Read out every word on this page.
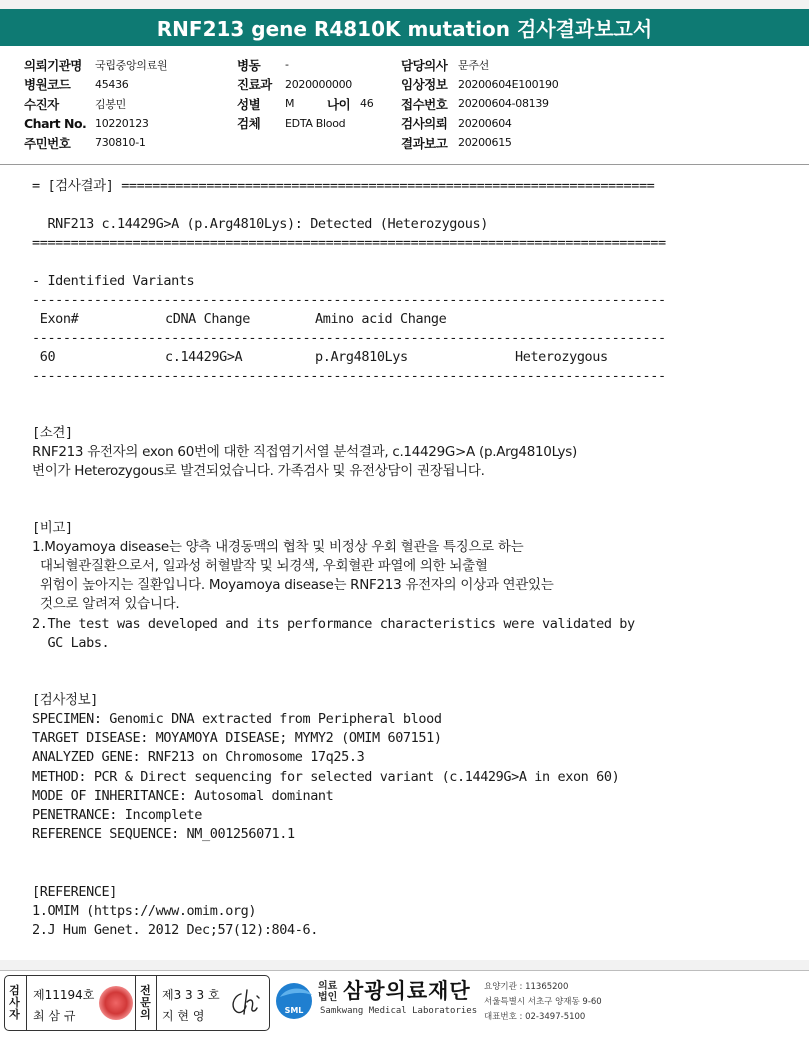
RNF213 gene R4810K mutation 검사결과보고서
의뢰기관명	국립중앙의료원
병원코드	45436
수진자	김봉민
Chart No. 10220123
주민번호	730810-1
병동	-
진료과	2020000000
성별	M	나이 46
검체	EDTA Blood
담당의사 문주선
임상정보 20200604E100190
접수번호 20200604-08139
검사의뢰 20200604
결과보고 20200615
= [검사결과] =====================================================================
RNF213 c.14429G>A (p.Arg4810Lys): Detected (Heterozygous)
==================================================================================
- Identified Variants
----------------------------------------------------------------------------------
Exon#	cDNA Change	Amino acid Change
----------------------------------------------------------------------------------
60	c.14429G>A	p.Arg4810Lys	Heterozygous
----------------------------------------------------------------------------------
[소견]
RNF213 유전자의 exon 60번에 대한 직접염기서열 분석결과, c.14429G>A (p.Arg4810Lys)
변이가 Heterozygous로 발견되었습니다. 가족검사 및 유전상담이 권장됩니다.
[비고]
1.Moyamoya disease는 양측 내경동맥의 협착 및 비정상 우회 혈관을 특징으로 하는
대뇌혈관질환으로서, 일과성 허혈발작 및 뇌경색, 우회혈관 파열에 의한 뇌출혈
위험이 높아지는 질환입니다. Moyamoya disease는 RNF213 유전자의 이상과 연관있는
것으로 알려져 있습니다.
2.The test was developed and its performance characteristics were validated by
GC Labs.
[검사정보]
SPECIMEN: Genomic DNA extracted from Peripheral blood
TARGET DISEASE: MOYAMOYA DISEASE; MYMY2 (OMIM 607151)
ANALYZED GENE: RNF213 on Chromosome 17q25.3
METHOD: PCR & Direct sequencing for selected variant (c.14429G>A in exon 60)
MODE OF INHERITANCE: Autosomal dominant
PENETRANCE: Incomplete
REFERENCE SEQUENCE: NM_001256071.1
[REFERENCE]
1.OMIM (https://www.omim.org)
2.J Hum Genet. 2012 Dec;57(12):804-6.
검
사
자
제11194호
최 삼 규
전
문
의
제3 3 3 호
지 현 영	SML
의료
법인 삼광의료재단
Samkwang Medical Laboratories
요양기관 : 11365200
서울특별시 서초구 양재동 9-60
대표번호 : 02-3497-5100
